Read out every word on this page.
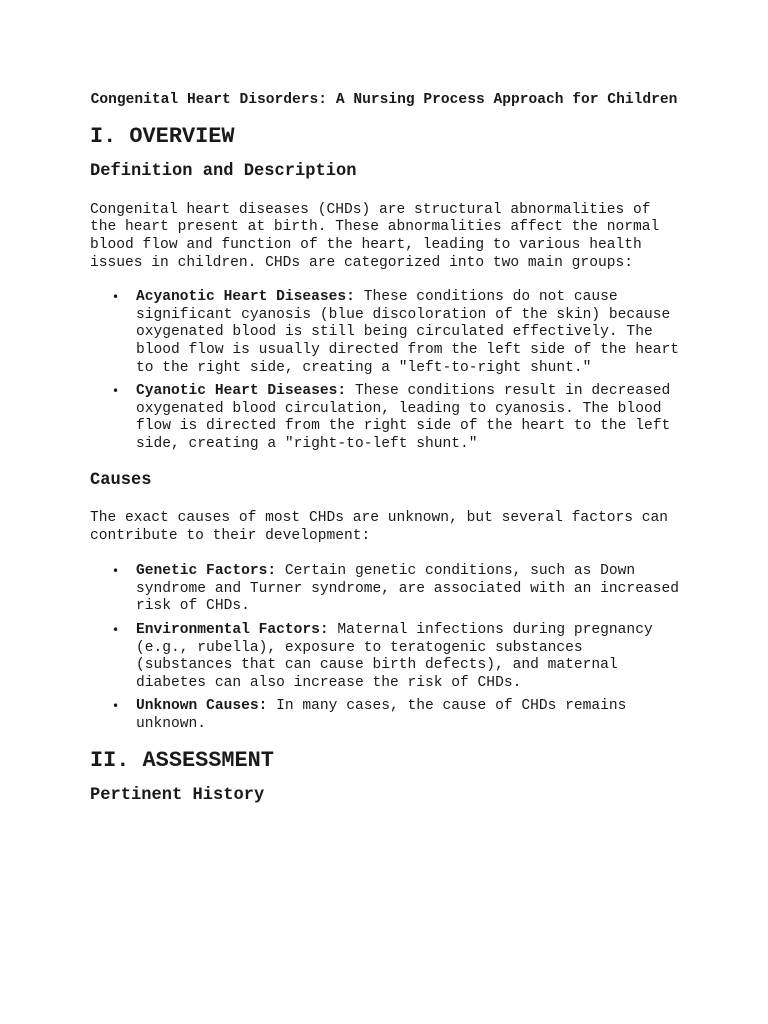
Congenital Heart Disorders: A Nursing Process Approach for Children
I. OVERVIEW
Definition and Description

Congenital heart diseases (CHDs) are structural abnormalities of the heart present at birth. These abnormalities affect the normal blood flow and function of the heart, leading to various health issues in children. CHDs are categorized into two main groups:

• Acyanotic Heart Diseases: These conditions do not cause significant cyanosis (blue discoloration of the skin) because oxygenated blood is still being circulated effectively. The blood flow is usually directed from the left side of the heart to the right side, creating a "left-to-right shunt."
• Cyanotic Heart Diseases: These conditions result in decreased oxygenated blood circulation, leading to cyanosis. The blood flow is directed from the right side of the heart to the left side, creating a "right-to-left shunt."
Causes

The exact causes of most CHDs are unknown, but several factors can contribute to their development:

• Genetic Factors: Certain genetic conditions, such as Down syndrome and Turner syndrome, are associated with an increased risk of CHDs.
• Environmental Factors: Maternal infections during pregnancy (e.g., rubella), exposure to teratogenic substances (substances that can cause birth defects), and maternal diabetes can also increase the risk of CHDs.
• Unknown Causes: In many cases, the cause of CHDs remains unknown.
II. ASSESSMENT
Pertinent History
